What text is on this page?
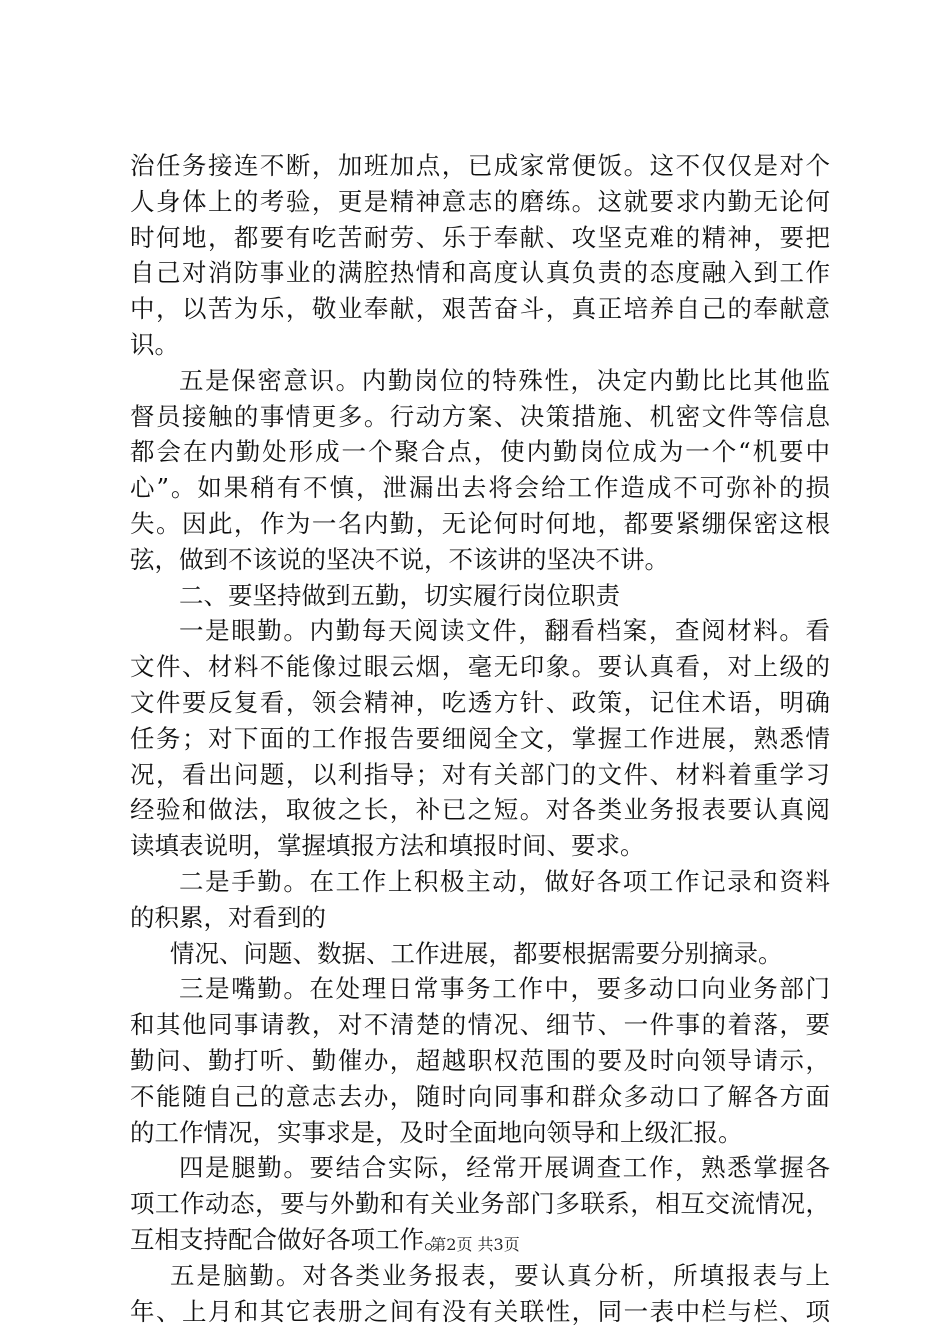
治任务接连不断，加班加点，已成家常便饭。这不仅仅是对个
人身体上的考验，更是精神意志的磨练。这就要求内勤无论何
时何地，都要有吃苦耐劳、乐于奉献、攻坚克难的精神，要把
自己对消防事业的满腔热情和高度认真负责的态度融入到工作
中，以苦为乐，敬业奉献，艰苦奋斗，真正培养自己的奉献意
识。
五是保密意识。内勤岗位的特殊性，决定内勤比比其他监
督员接触的事情更多。行动方案、决策措施、机密文件等信息
都会在内勤处形成一个聚合点，使内勤岗位成为一个“机要中
心”。如果稍有不慎，泄漏出去将会给工作造成不可弥补的损
失。因此，作为一名内勤，无论何时何地，都要紧绷保密这根
弦，做到不该说的坚决不说，不该讲的坚决不讲。
二、要坚持做到五勤，切实履行岗位职责
一是眼勤。内勤每天阅读文件，翻看档案，查阅材料。看
文件、材料不能像过眼云烟，毫无印象。要认真看，对上级的
文件要反复看，领会精神，吃透方针、政策，记住术语，明确
任务；对下面的工作报告要细阅全文，掌握工作进展，熟悉情
况，看出问题，以利指导；对有关部门的文件、材料着重学习
经验和做法，取彼之长，补已之短。对各类业务报表要认真阅
读填表说明，掌握填报方法和填报时间、要求。
二是手勤。在工作上积极主动，做好各项工作记录和资料
的积累，对看到的
情况、问题、数据、工作进展，都要根据需要分别摘录。
三是嘴勤。在处理日常事务工作中，要多动口向业务部门
和其他同事请教，对不清楚的情况、细节、一件事的着落，要
勤问、勤打听、勤催办，超越职权范围的要及时向领导请示，
不能随自己的意志去办，随时向同事和群众多动口了解各方面
的工作情况，实事求是，及时全面地向领导和上级汇报。
四是腿勤。要结合实际，经常开展调查工作，熟悉掌握各
项工作动态，要与外勤和有关业务部门多联系，相互交流情况，
互相支持配合做好各项工作。
五是脑勤。对各类业务报表，要认真分析，所填报表与上
年、上月和其它表册之间有没有关联性，同一表中栏与栏、项
第2页 共3页
